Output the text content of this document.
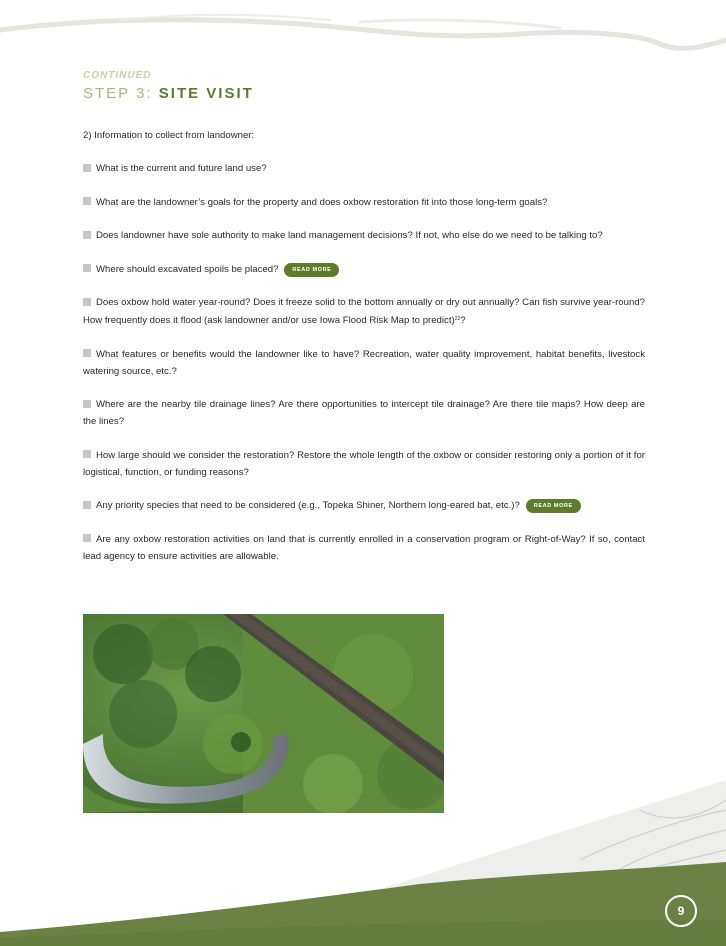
CONTINUED
STEP 3: SITE VISIT
2) Information to collect from landowner:
What is the current and future land use?
What are the landowner’s goals for the property and does oxbow restoration fit into those long-term goals?
Does landowner have sole authority to make land management decisions? If not, who else do we need to be talking to?
Where should excavated spoils be placed?	READ MORE
Does oxbow hold water year-round? Does it freeze solid to the bottom annually or dry out annually? Can fish survive year-round? How frequently does it flood (ask landowner and/or use Iowa Flood Risk Map to predict)$^{22}$?
What features or benefits would the landowner like to have? Recreation, water quality improvement, habitat benefits, livestock watering source, etc.?
Where are the nearby tile drainage lines? Are there opportunities to intercept tile drainage? Are there tile maps? How deep are the lines?
How large should we consider the restoration? Restore the whole length of the oxbow or consider restoring only a portion of it for logistical, function, or funding reasons?
Any priority species that need to be considered (e.g., Topeka Shiner, Northern long-eared bat, etc.)?	READ MORE
Are any oxbow restoration activities on land that is currently enrolled in a conservation program or Right-of-Way? If so, contact lead agency to ensure activities are allowable.
9
